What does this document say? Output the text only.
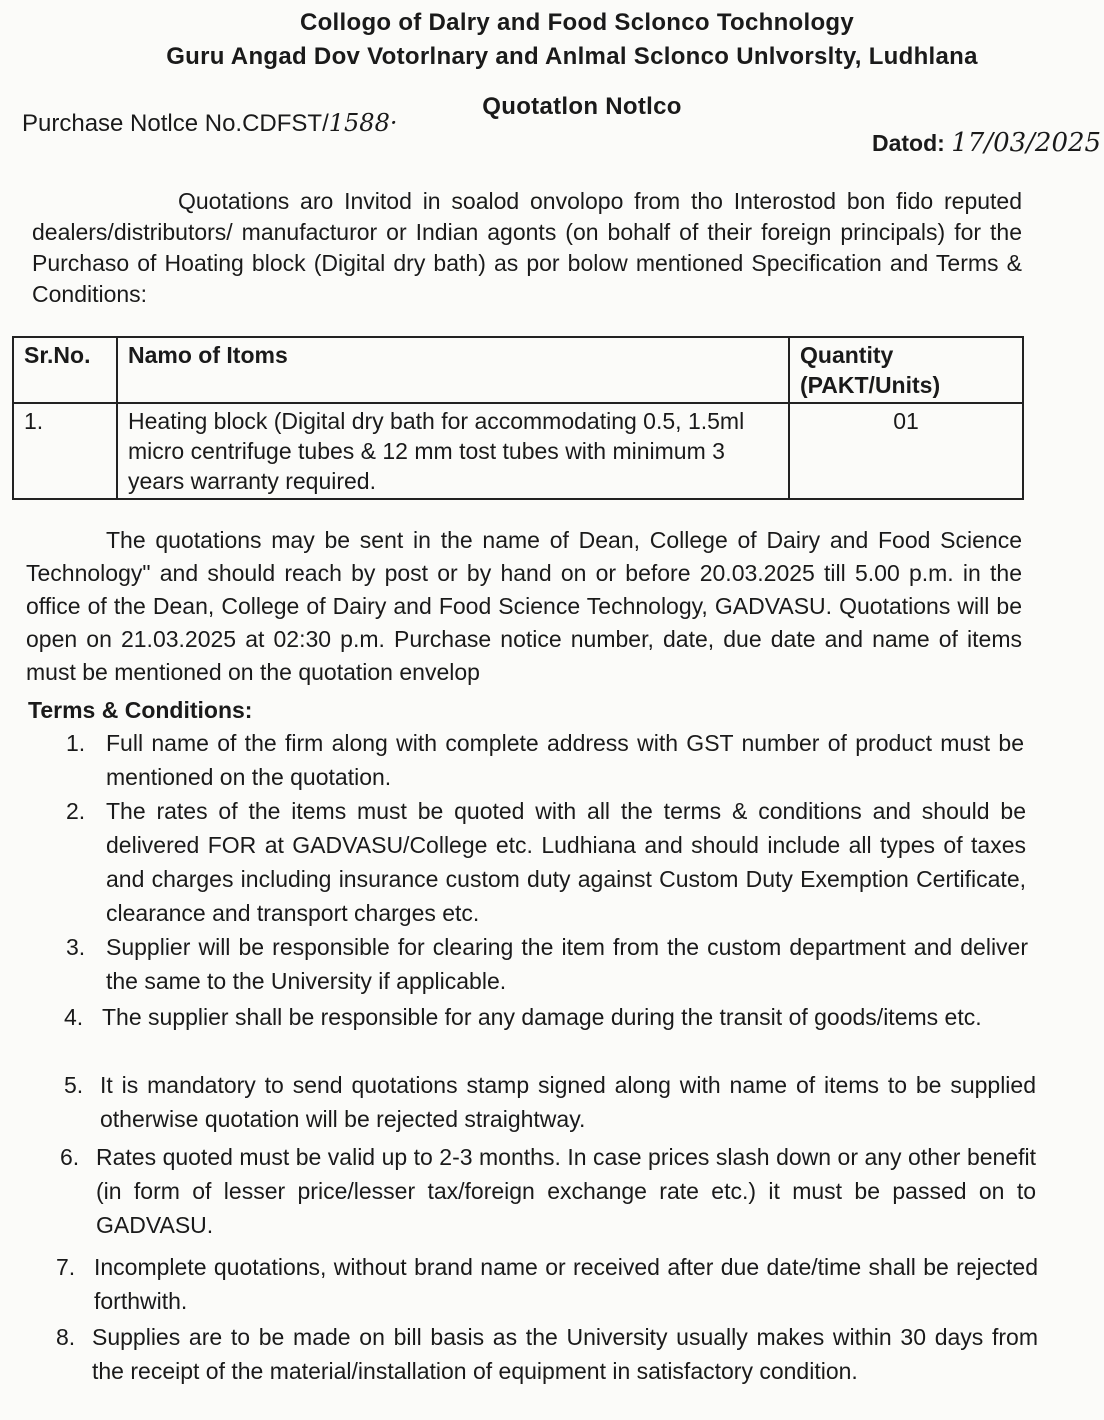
Collogo of Dalry and Food Sclonco Tochnology
Guru Angad Dov Votorlnary and Anlmal Sclonco Unlvorslty, Ludhlana
Quotatlon Notlco
Purchase Notlce No.CDFST/1588·
Datod: 17/03/2025
Quotations aro Invitod in soalod onvolopo from tho Interostod bon fido reputed dealers/distributors/ manufacturor or Indian agonts (on bohalf of their foreign principals) for the Purchaso of Hoating block (Digital dry bath) as por bolow mentioned Specification and Terms & Conditions:
Sr.No.	Namo of Itoms	Quantity (PAKT/Units)
1.	Heating block (Digital dry bath for accommodating 0.5, 1.5ml micro centrifuge tubes & 12 mm tost tubes with minimum 3 years warranty required.	01
The quotations may be sent in the name of Dean, College of Dairy and Food Science Technology" and should reach by post or by hand on or before 20.03.2025 till 5.00 p.m. in the office of the Dean, College of Dairy and Food Science Technology, GADVASU. Quotations will be open on 21.03.2025 at 02:30 p.m. Purchase notice number, date, due date and name of items must be mentioned on the quotation envelop
Terms & Conditions:
1. Full name of the firm along with complete address with GST number of product must be mentioned on the quotation.
2. The rates of the items must be quoted with all the terms & conditions and should be delivered FOR at GADVASU/College etc. Ludhiana and should include all types of taxes and charges including insurance custom duty against Custom Duty Exemption Certificate, clearance and transport charges etc.
3. Supplier will be responsible for clearing the item from the custom department and deliver the same to the University if applicable.
4. The supplier shall be responsible for any damage during the transit of goods/items etc.
5. It is mandatory to send quotations stamp signed along with name of items to be supplied otherwise quotation will be rejected straightway.
6. Rates quoted must be valid up to 2-3 months. In case prices slash down or any other benefit (in form of lesser price/lesser tax/foreign exchange rate etc.) it must be passed on to GADVASU.
7. Incomplete quotations, without brand name or received after due date/time shall be rejected forthwith.
8. Supplies are to be made on bill basis as the University usually makes within 30 days from the receipt of the material/installation of equipment in satisfactory condition.
